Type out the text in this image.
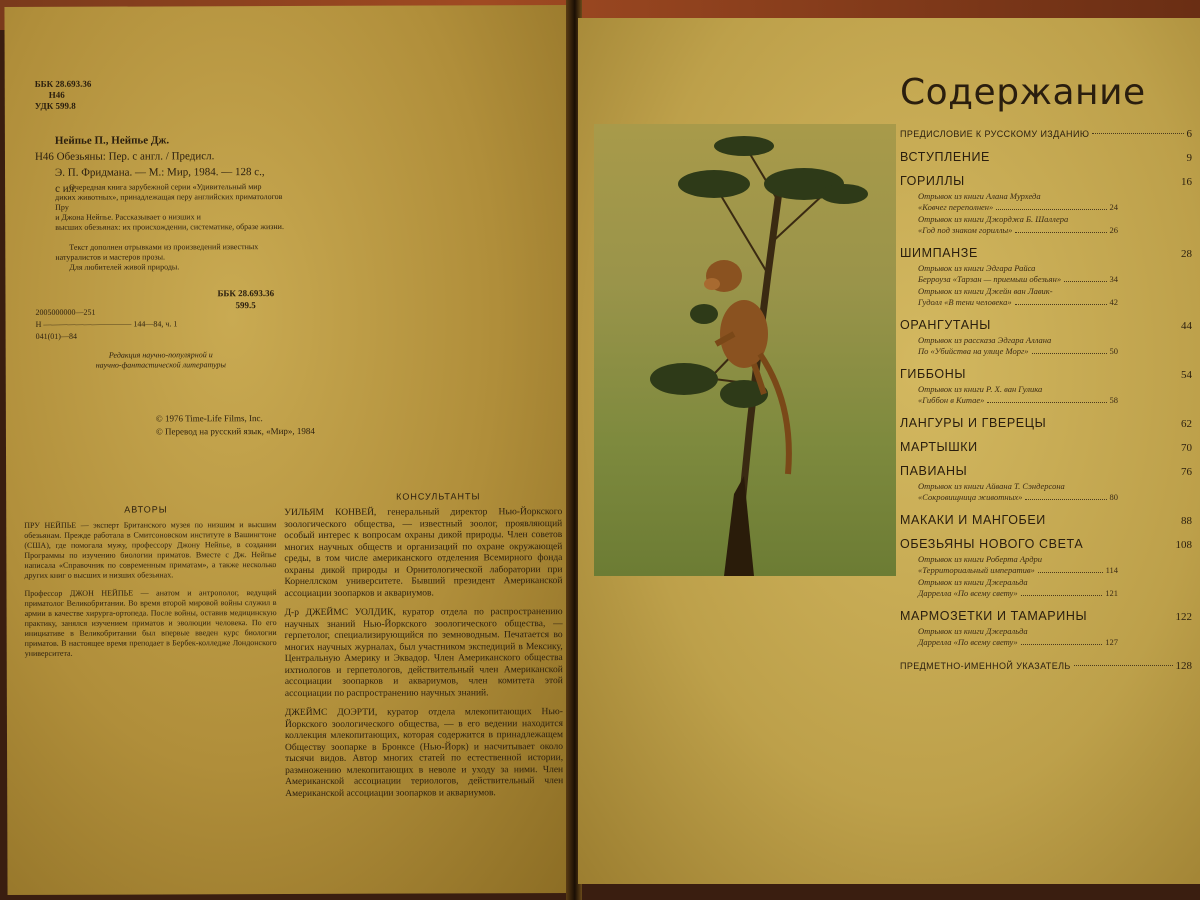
ББК 28.693.36
Н46
УДК 599.8
Нейпье П., Нейпье Дж.
Н46 Обезьяны: Пер. с англ. / Предисл.
Э. П. Фридмана. — М.: Мир, 1984. — 128 с.,
с ил.
Очередная книга зарубежной серии «Удивительный мир
диких животных», принадлежащая перу английских приматологов Пру
и Джона Нейпье. Рассказывает о низших и
высших обезьянах: их происхождении, систематике, образе жизни.
Текст дополнен отрывками из произведений известных
натуралистов и мастеров прозы.
Для любителей живой природы.
ББК 28.693.36
599.5
2005000000—251
Н ——————————— 144—84, ч. 1
041(01)—84
Редакция научно-популярной и
научно-фантастической литературы
© 1976 Time-Life Films, Inc.
© Перевод на русский язык, «Мир», 1984
АВТОРЫ

ПРУ НЕЙПЬЕ — эксперт Британского музея по низшим и высшим обезьянам. Прежде работала в Смитсоновском институте в Вашингтоне (США), где помогала мужу, профессору Джону Нейпье, в создании Программы по изучению биологии приматов. Вместе с Дж. Нейпье написала «Справочник по современным приматам», а также несколько других книг о высших и низших обезьянах.

Профессор ДЖОН НЕЙПЬЕ — анатом и антрополог, ведущий приматолог Великобритании. Во время второй мировой войны служил в армии в качестве хирурга-ортопеда. После войны, оставив медицинскую практику, занялся изучением приматов и эволюции человека. По его инициативе в Великобритании был впервые введен курс биологии приматов. В настоящее время преподает в Бербек-колледже Лондонского университета.

КОНСУЛЬТАНТЫ

УИЛЬЯМ КОНВЕЙ, генеральный директор Нью-Йоркского зоологического общества, — известный зоолог, проявляющий особый интерес к вопросам охраны дикой природы. Член советов многих научных обществ и организаций по охране окружающей среды, в том числе американского отделения Всемирного фонда охраны дикой природы и Орнитологической лаборатории при Корнеллском университете. Бывший президент Американской ассоциации зоопарков и аквариумов.

Д-р ДЖЕЙМС УОЛДИК, куратор отдела по распространению научных знаний Нью-Йоркского зоологического общества, — герпетолог, специализирующийся по земноводным. Печатается во многих научных журналах, был участником экспедиций в Мексику, Центральную Америку и Эквадор. Член Американского общества ихтиологов и герпетологов, действительный член Американской ассоциации зоопарков и аквариумов, член комитета этой ассоциации по распространению научных знаний.

ДЖЕЙМС ДОЭРТИ, куратор отдела млекопитающих Нью-Йоркского зоологического общества, — в его ведении находится коллекция млекопитающих, которая содержится в принадлежащем Обществу зоопарке в Бронксе (Нью-Йорк) и насчитывает около тысячи видов. Автор многих статей по естественной истории, размножению млекопитающих в неволе и уходу за ними. Член Американской ассоциации териологов, действительный член Американской ассоциации зоопарков и аквариумов.

Содержание
ПРЕДИСЛОВИЕ К РУССКОМУ ИЗДАНИЮ	6
ВСТУПЛЕНИЕ	9
ГОРИЛЛЫ	16
Отрывок из книги Алана Мурхеда
«Ковчег переполнен»	24
Отрывок из книги Джорджа Б. Шаллера
«Год под знаком гориллы»	26
ШИМПАНЗЕ	28
Отрывок из книги Эдгара Райса
Берроуза «Тарзан — приемыш обезьян»	34
Отрывок из книги Джейн ван Лавик-
Гудолл «В тени человека»	42
ОРАНГУТАНЫ	44
Отрывок из рассказа Эдгара Аллана
По «Убийства на улице Морг»	50
ГИББОНЫ	54
Отрывок из книги Р. Х. ван Гулика
«Гиббон в Китае»	58
ЛАНГУРЫ И ГВЕРЕЦЫ	62
МАРТЫШКИ	70
ПАВИАНЫ	76
Отрывок из книги Айвана Т. Сэндерсона
«Сокровищница животных»	80
МАКАКИ И МАНГОБЕИ	88
ОБЕЗЬЯНЫ НОВОГО СВЕТА	108
Отрывок из книги Роберта Ардри
«Территориальный императив»	114
Отрывок из книги Джеральда
Даррелла «По всему свету»	121
МАРМОЗЕТКИ И ТАМАРИНЫ	122
Отрывок из книги Джеральда
Даррелла «По всему свету»	127
ПРЕДМЕТНО-ИМЕННОЙ УКАЗАТЕЛЬ	128
